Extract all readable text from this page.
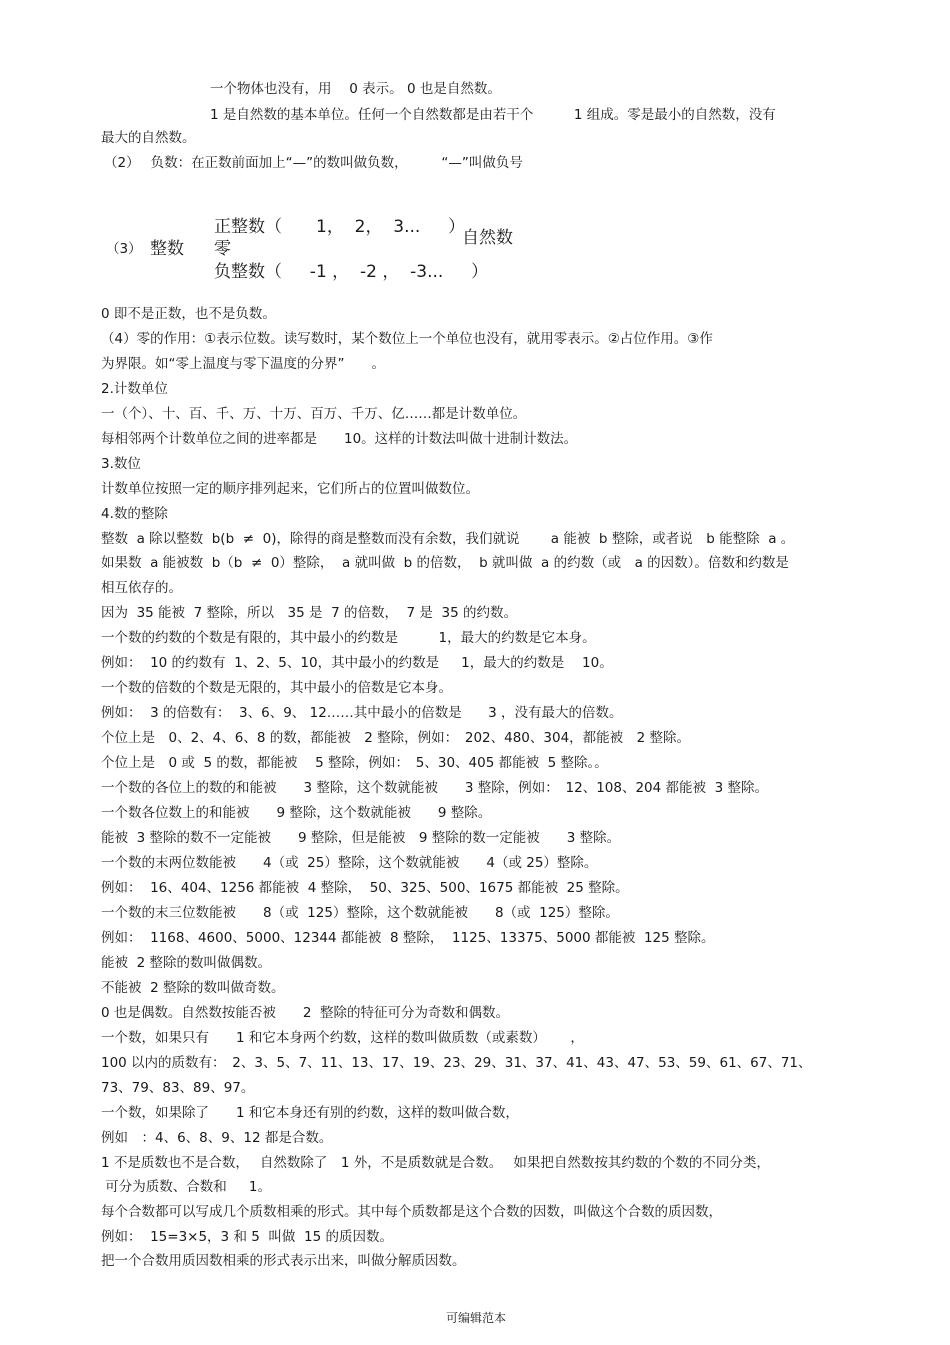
一个物体也没有，用　 0 表示。 0 也是自然数。
1 是自然数的基本单位。任何一个自然数都是由若干个　　　1 组成。零是最小的自然数，没有
最大的自然数。
（2）　 负数：在正数前面加上“—”的数叫做负数，　　　“—”叫做负号
（3） 整数
正整数（　　1，  2，  3...　  ）
零
负整数（　  -1 ，  -2 ，  -3...　  ）
自然数
0 即不是正数，也不是负数。
（4）零的作用：①表示位数。读写数时，某个数位上一个单位也没有，就用零表示。②占位作用。③作
为界限。如“零上温度与零下温度的分界”　　。
2.计数单位
一（个）、十、百、千、万、十万、百万、千万、亿……都是计数单位。
每相邻两个计数单位之间的进率都是　　10。这样的计数法叫做十进制计数法。
3.数位
计数单位按照一定的顺序排列起来，它们所占的位置叫做数位。
4.数的整除
整数  a 除以整数  b(b  ≠  0)，除得的商是整数而没有余数，我们就说　　 a 能被  b 整除，或者说　b 能整除  a 。
如果数  a 能被数  b（b  ≠  0）整除，  a 就叫做  b 的倍数，  b 就叫做  a 的约数（或　a 的因数）。倍数和约数是
相互依存的。
因为  35 能被  7 整除，所以　35 是  7 的倍数，  7 是  35 的约数。
一个数的约数的个数是有限的，其中最小的约数是　　　1，最大的约数是它本身。
例如：  10 的约数有  1、2、5、10，其中最小的约数是　  1，最大的约数是　 10。
一个数的倍数的个数是无限的，其中最小的倍数是它本身。
例如：  3 的倍数有：  3、6、9、 12……其中最小的倍数是　   3 ，没有最大的倍数。
个位上是　0、2、4、6、8 的数，都能被　2 整除，例如：　202、480、304，都能被　2 整除。
个位上是　0 或  5 的数，都能被　 5 整除，例如：　5、30、405 都能被  5 整除。。
一个数的各位上的数的和能被　　3 整除，这个数就能被　　3 整除，例如：　12、108、204 都能被  3 整除。
一个数各位数上的和能被　　9 整除，这个数就能被　　9 整除。
能被  3 整除的数不一定能被　　9 整除，但是能被　9 整除的数一定能被　　3 整除。
一个数的末两位数能被　　4（或  25）整除，这个数就能被　　4（或 25）整除。
例如：  16、404、1256 都能被  4 整除，  50、325、500、1675 都能被  25 整除。
一个数的末三位数能被　　8（或  125）整除，这个数就能被　　8（或  125）整除。
例如：  1168、4600、5000、12344 都能被  8 整除，  1125、13375、5000 都能被  125 整除。
能被  2 整除的数叫做偶数。
不能被  2 整除的数叫做奇数。
0 也是偶数。自然数按能否被　　2  整除的特征可分为奇数和偶数。
一个数，如果只有　　1 和它本身两个约数，这样的数叫做质数（或素数）　　 ，
100 以内的质数有：　2、3、5、7、11、13、17、19、23、29、31、37、41、43、47、53、59、61、67、71、
73、79、83、89、97。
一个数，如果除了　　1 和它本身还有别的约数，这样的数叫做合数，
例如　：4、6、8、9、12 都是合数。
1 不是质数也不是合数，　 自然数除了　1 外，不是质数就是合数。　 如果把自然数按其约数的个数的不同分类，
可分为质数、合数和　  1。
每个合数都可以写成几个质数相乘的形式。其中每个质数都是这个合数的因数，叫做这个合数的质因数，
例如：  15=3×5，3 和 5  叫做  15 的质因数。
把一个合数用质因数相乘的形式表示出来，叫做分解质因数。
可编辑范本
